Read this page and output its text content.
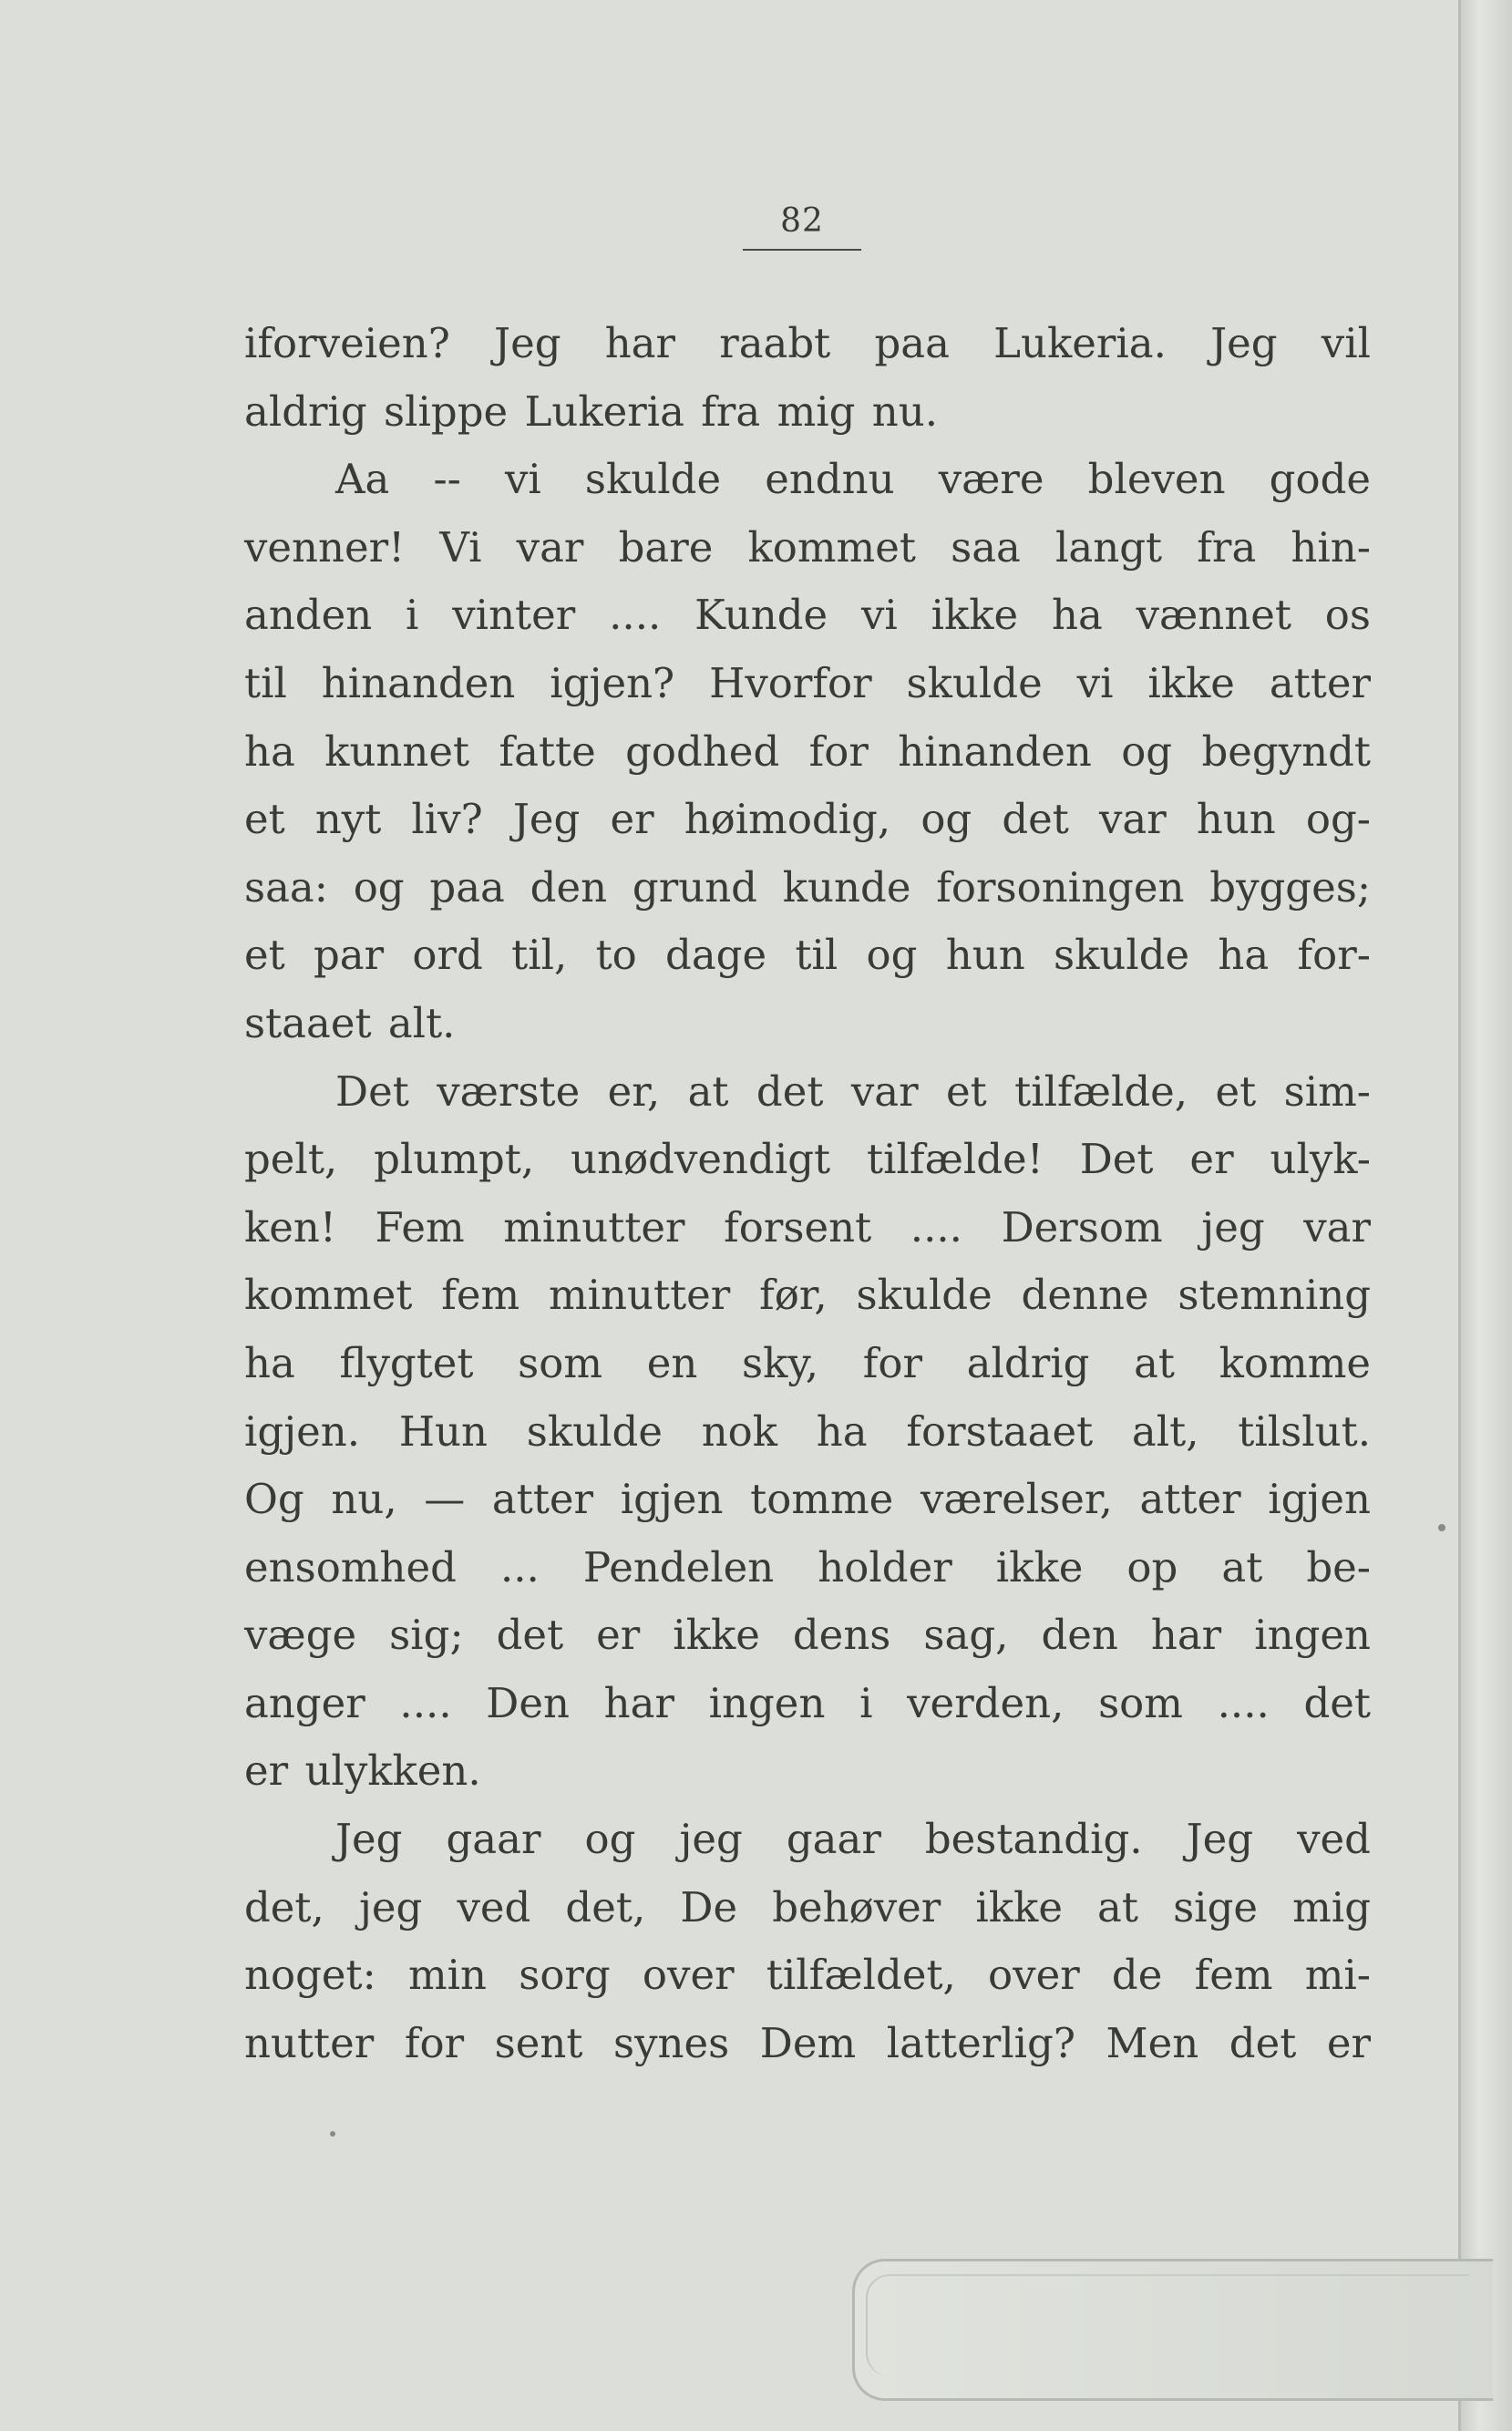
82
iforveien? Jeg har raabt paa Lukeria. Jeg vil
aldrig slippe Lukeria fra mig nu.
Aa -- vi skulde endnu være bleven gode
venner! Vi var bare kommet saa langt fra hin-
anden i vinter .... Kunde vi ikke ha vænnet os
til hinanden igjen? Hvorfor skulde vi ikke atter
ha kunnet fatte godhed for hinanden og begyndt
et nyt liv? Jeg er høimodig, og det var hun og-
saa: og paa den grund kunde forsoningen bygges;
et par ord til, to dage til og hun skulde ha for-
staaet alt.
Det værste er, at det var et tilfælde, et sim-
pelt, plumpt, unødvendigt tilfælde! Det er ulyk-
ken! Fem minutter forsent .... Dersom jeg var
kommet fem minutter før, skulde denne stemning
ha flygtet som en sky, for aldrig at komme
igjen. Hun skulde nok ha forstaaet alt, tilslut.
Og nu, — atter igjen tomme værelser, atter igjen
ensomhed ... Pendelen holder ikke op at be-
væge sig; det er ikke dens sag, den har ingen
anger .... Den har ingen i verden, som .... det
er ulykken.
Jeg gaar og jeg gaar bestandig. Jeg ved
det, jeg ved det, De behøver ikke at sige mig
noget: min sorg over tilfældet, over de fem mi-
nutter for sent synes Dem latterlig? Men det er
